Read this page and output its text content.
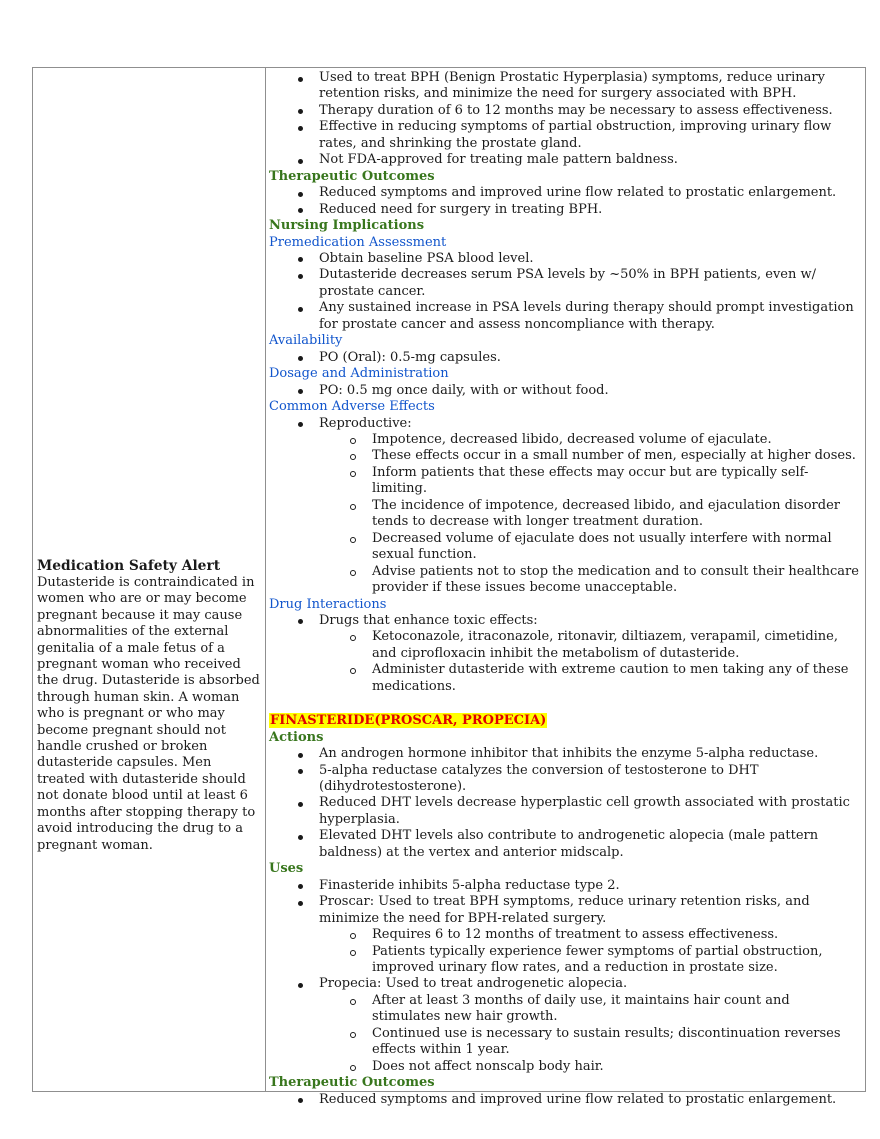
Medication Safety Alert
Dutasteride is contraindicated in women who are or may become pregnant because it may cause abnormalities of the external genitalia of a male fetus of a pregnant woman who received the drug. Dutasteride is absorbed through human skin. A woman who is pregnant or who may become pregnant should not handle crushed or broken dutasteride capsules. Men treated with dutasteride should not donate blood until at least 6 months after stopping therapy to avoid introducing the drug to a pregnant woman.
Used to treat BPH (Benign Prostatic Hyperplasia) symptoms, reduce urinary retention risks, and minimize the need for surgery associated with BPH.
Therapy duration of 6 to 12 months may be necessary to assess effectiveness.
Effective in reducing symptoms of partial obstruction, improving urinary flow rates, and shrinking the prostate gland.
Not FDA-approved for treating male pattern baldness.
Therapeutic Outcomes
Reduced symptoms and improved urine flow related to prostatic enlargement.
Reduced need for surgery in treating BPH.
Nursing Implications
Premedication Assessment
Obtain baseline PSA blood level.
Dutasteride decreases serum PSA levels by ~50% in BPH patients, even w/ prostate cancer.
Any sustained increase in PSA levels during therapy should prompt investigation for prostate cancer and assess noncompliance with therapy.
Availability
PO (Oral): 0.5-mg capsules.
Dosage and Administration
PO: 0.5 mg once daily, with or without food.
Common Adverse Effects
Reproductive:
Impotence, decreased libido, decreased volume of ejaculate.
These effects occur in a small number of men, especially at higher doses.
Inform patients that these effects may occur but are typically self-limiting.
The incidence of impotence, decreased libido, and ejaculation disorder tends to decrease with longer treatment duration.
Decreased volume of ejaculate does not usually interfere with normal sexual function.
Advise patients not to stop the medication and to consult their healthcare provider if these issues become unacceptable.
Drug Interactions
Drugs that enhance toxic effects:
Ketoconazole, itraconazole, ritonavir, diltiazem, verapamil, cimetidine, and ciprofloxacin inhibit the metabolism of dutasteride.
Administer dutasteride with extreme caution to men taking any of these medications.
FINASTERIDE(PROSCAR, PROPECIA)
Actions
An androgen hormone inhibitor that inhibits the enzyme 5-alpha reductase.
5-alpha reductase catalyzes the conversion of testosterone to DHT (dihydrotestosterone).
Reduced DHT levels decrease hyperplastic cell growth associated with prostatic hyperplasia.
Elevated DHT levels also contribute to androgenetic alopecia (male pattern baldness) at the vertex and anterior midscalp.
Uses
Finasteride inhibits 5-alpha reductase type 2.
Proscar: Used to treat BPH symptoms, reduce urinary retention risks, and minimize the need for BPH-related surgery.
Requires 6 to 12 months of treatment to assess effectiveness.
Patients typically experience fewer symptoms of partial obstruction, improved urinary flow rates, and a reduction in prostate size.
Propecia: Used to treat androgenetic alopecia.
After at least 3 months of daily use, it maintains hair count and stimulates new hair growth.
Continued use is necessary to sustain results; discontinuation reverses effects within 1 year.
Does not affect nonscalp body hair.
Therapeutic Outcomes
Reduced symptoms and improved urine flow related to prostatic enlargement.
